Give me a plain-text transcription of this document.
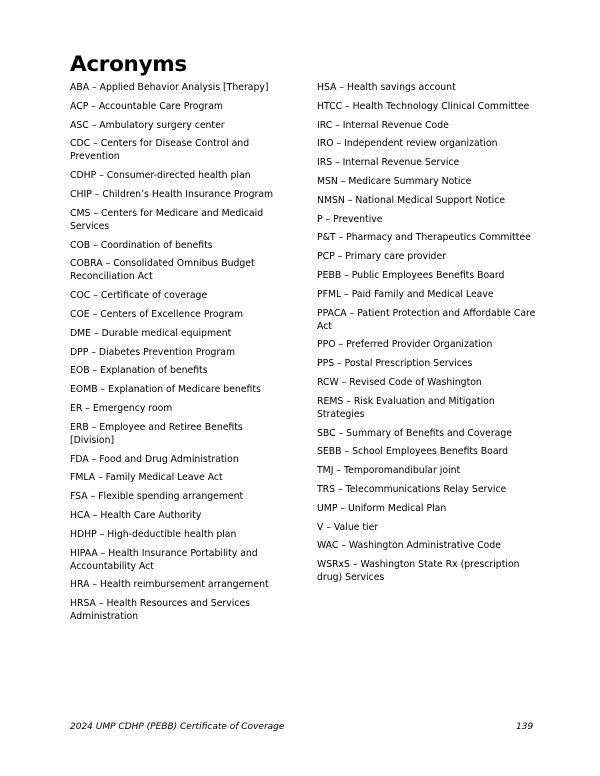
Acronyms
ABA – Applied Behavior Analysis [Therapy]
ACP – Accountable Care Program
ASC – Ambulatory surgery center
CDC – Centers for Disease Control and Prevention
CDHP – Consumer-directed health plan
CHIP – Children’s Health Insurance Program
CMS – Centers for Medicare and Medicaid Services
COB – Coordination of benefits
COBRA – Consolidated Omnibus Budget Reconciliation Act
COC – Certificate of coverage
COE – Centers of Excellence Program
DME – Durable medical equipment
DPP – Diabetes Prevention Program
EOB – Explanation of benefits
EOMB – Explanation of Medicare benefits
ER – Emergency room
ERB – Employee and Retiree Benefits [Division]
FDA – Food and Drug Administration
FMLA – Family Medical Leave Act
FSA – Flexible spending arrangement
HCA – Health Care Authority
HDHP – High-deductible health plan
HIPAA – Health Insurance Portability and Accountability Act
HRA – Health reimbursement arrangement
HRSA – Health Resources and Services Administration
HSA – Health savings account
HTCC – Health Technology Clinical Committee
IRC – Internal Revenue Code
IRO – Independent review organization
IRS – Internal Revenue Service
MSN – Medicare Summary Notice
NMSN – National Medical Support Notice
P – Preventive
P&T – Pharmacy and Therapeutics Committee
PCP – Primary care provider
PEBB – Public Employees Benefits Board
PFML – Paid Family and Medical Leave
PPACA – Patient Protection and Affordable Care Act
PPO – Preferred Provider Organization
PPS – Postal Prescription Services
RCW – Revised Code of Washington
REMS – Risk Evaluation and Mitigation Strategies
SBC – Summary of Benefits and Coverage
SEBB – School Employees Benefits Board
TMJ – Temporomandibular joint
TRS – Telecommunications Relay Service
UMP – Uniform Medical Plan
V – Value tier
WAC – Washington Administrative Code
WSRxS – Washington State Rx (prescription drug) Services
2024 UMP CDHP (PEBB) Certificate of Coverage	139
